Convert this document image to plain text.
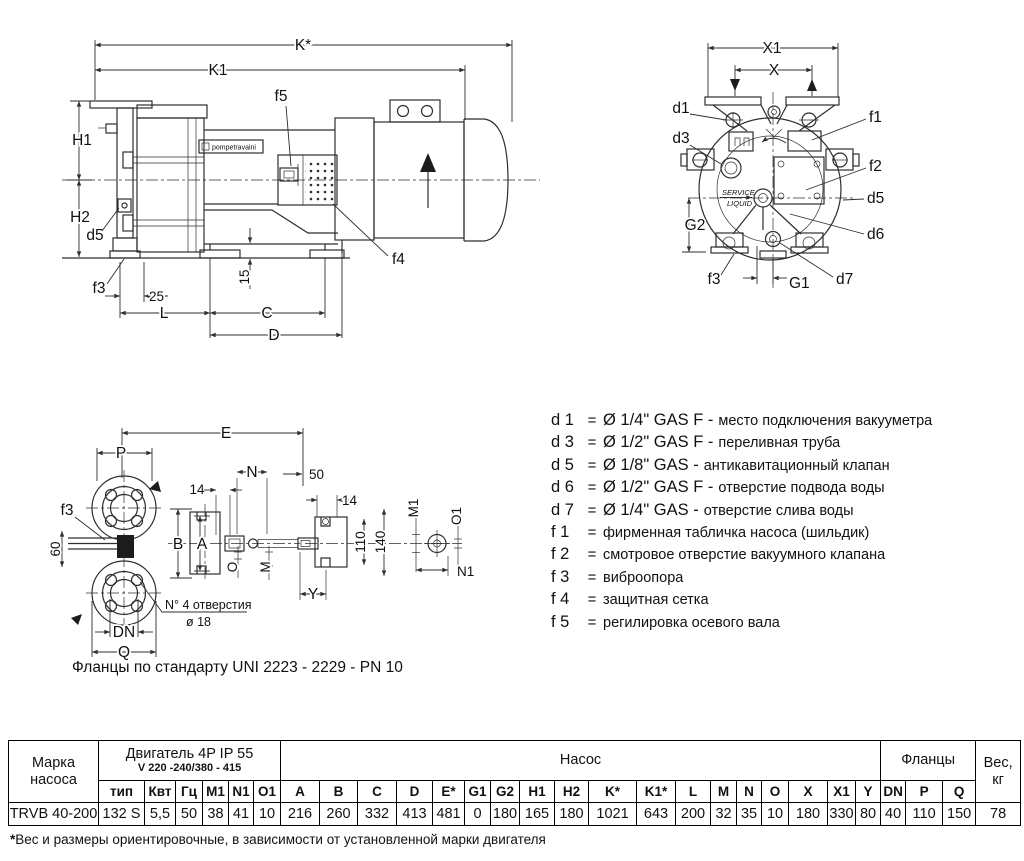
pompetravaini
K*
K1
H1
H2
f5
f4
f3
d5
25
15
L	C
D
X1
X
d1
d3
f1
f2
d5
d6
f3	d7
SERVICE
LIQUID
G2
G1
E
P
f3
60
DN
Q
N° 4 отверстия
ø 18
B A
N
14
O M
Y
50
14
110 140
M1 O1
N1
d 1 = Ø 1/4" GAS F - место подключения вакууметра
d 3 = Ø 1/2" GAS F - переливная труба
d 5 = Ø 1/8" GAS - антикавитационный клапан
d 6 = Ø 1/2" GAS F - отверстие подвода воды
d 7 = Ø 1/4" GAS - отверстие слива воды
f 1 = фирменная табличка насоса (шильдик)
f 2 = смотровое отверстие вакуумного клапана
f 3 = виброопора
f 4 = защитная сетка
f 5 = регилировка осевого вала
Фланцы по стандарту UNI 2223 - 2229 - PN 10
Марка
насоса

Двигатель 4P IP 55
V 220 -240/380 - 415
	Насос	Фланцы	Вес,
кг

	тип	Квт	Гц	M1	N1	O1	A	B	C	D	E*	G1	G2	H1	H2	K*	K1*	L	M	N	O	X	X1	Y	DN	P	Q	
TRVB 40-200	132 S	5,5	50	38	41	10	216	260	332	413	481	0	180	165	180	1021	643	200	32	35	10	180	330	80	40	110	150	78
*Вес и размеры ориентировочные, в зависимости от установленной марки двигателя
